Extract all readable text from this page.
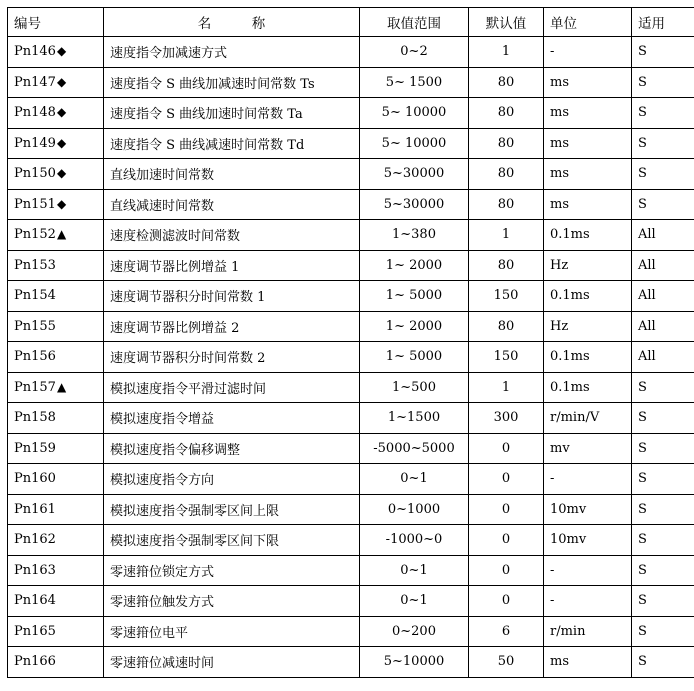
编号	名　　　称	取值范围	默认值	单位	适用
Pn146◆	速度指令加减速方式	0~2	1	-	S
Pn147◆	速度指令 S 曲线加减速时间常数 Ts	5~ 1500	80	ms	S
Pn148◆	速度指令 S 曲线加速时间常数 Ta	5~ 10000	80	ms	S
Pn149◆	速度指令 S 曲线减速时间常数 Td	5~ 10000	80	ms	S
Pn150◆	直线加速时间常数	5~30000	80	ms	S
Pn151◆	直线减速时间常数	5~30000	80	ms	S
Pn152▲	速度检测滤波时间常数	1~380	1	0.1ms	All
Pn153	速度调节器比例增益 1	1~ 2000	80	Hz	All
Pn154	速度调节器积分时间常数 1	1~ 5000	150	0.1ms	All
Pn155	速度调节器比例增益 2	1~ 2000	80	Hz	All
Pn156	速度调节器积分时间常数 2	1~ 5000	150	0.1ms	All
Pn157▲	模拟速度指令平滑过滤时间	1~500	1	0.1ms	S
Pn158	模拟速度指令增益	1~1500	300	r/min/V	S
Pn159	模拟速度指令偏移调整	-5000~5000	0	mv	S
Pn160	模拟速度指令方向	0~1	0	-	S
Pn161	模拟速度指令强制零区间上限	0~1000	0	10mv	S
Pn162	模拟速度指令强制零区间下限	-1000~0	0	10mv	S
Pn163	零速箝位锁定方式	0~1	0	-	S
Pn164	零速箝位触发方式	0~1	0	-	S
Pn165	零速箝位电平	0~200	6	r/min	S
Pn166	零速箝位减速时间	5~10000	50	ms	S
